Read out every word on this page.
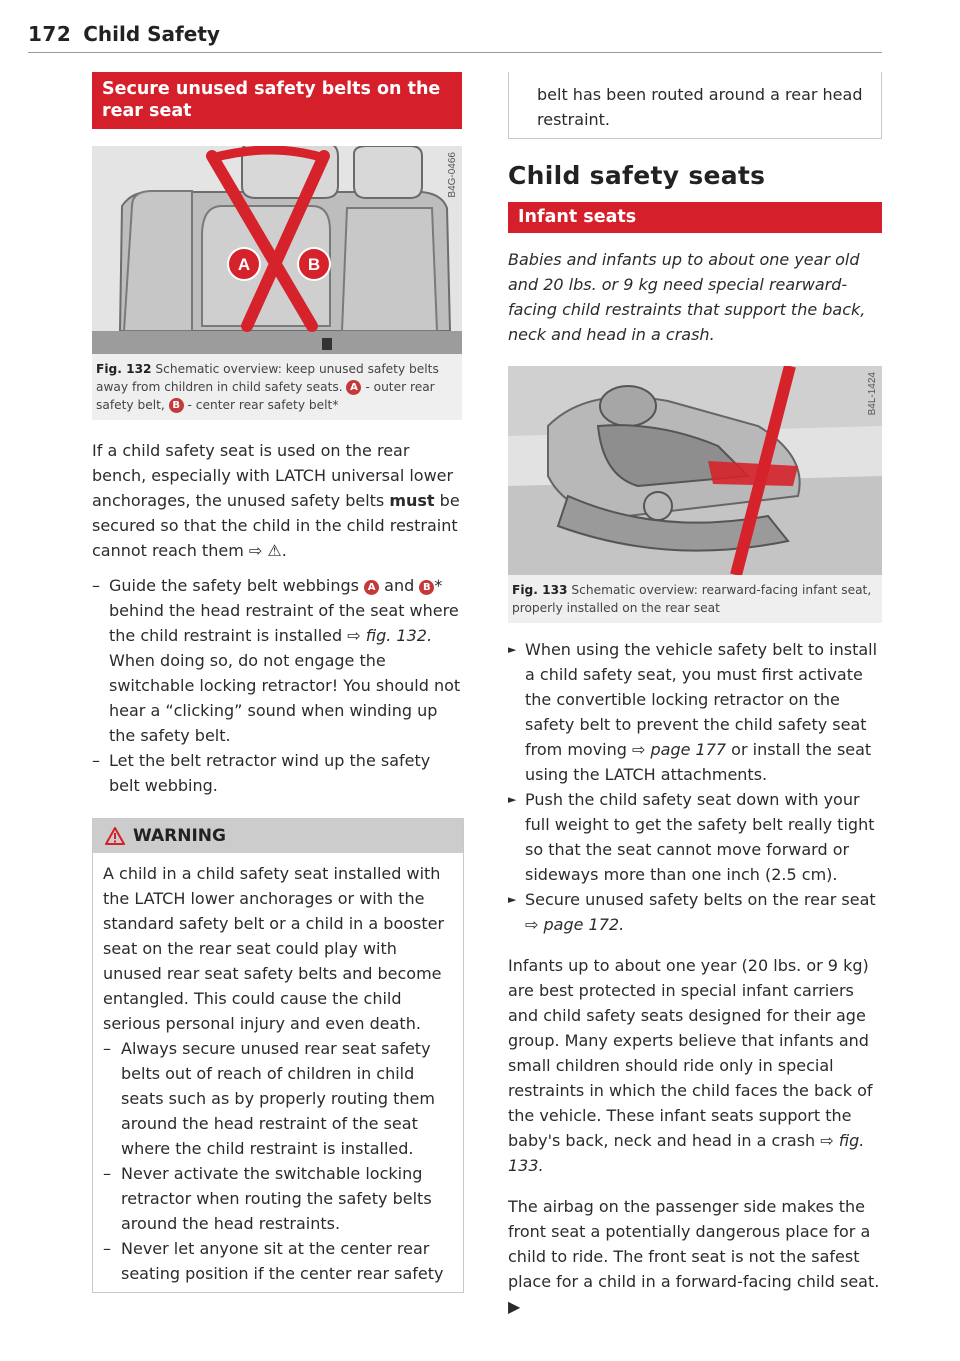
172 Child Safety
Secure unused safety belts on the rear seat
A	B
B4G-0466
Fig. 132 Schematic overview: keep unused safety belts away from children in child safety seats. A - outer rear safety belt, B - center rear safety belt*
If a child safety seat is used on the rear bench, especially with LATCH universal lower anchorages, the unused safety belts must be secured so that the child in the child restraint cannot reach them ⇨ ⚠.
– Guide the safety belt webbings A and B * behind the head restraint of the seat where the child restraint is installed ⇨ fig. 132. When doing so, do not engage the switchable locking retractor! You should not hear a “clicking” sound when winding up the safety belt.
– Let the belt retractor wind up the safety belt webbing.
WARNING
A child in a child safety seat installed with the LATCH lower anchorages or with the standard safety belt or a child in a booster seat on the rear seat could play with unused rear seat safety belts and become entangled. This could cause the child serious personal injury and even death.
– Always secure unused rear seat safety belts out of reach of children in child seats such as by properly routing them around the head restraint of the seat where the child restraint is installed.
– Never activate the switchable locking retractor when routing the safety belts around the head restraints.
– Never let anyone sit at the center rear seating position if the center rear safety
belt has been routed around a rear head restraint.
Child safety seats
Infant seats
Babies and infants up to about one year old and 20 lbs. or 9 kg need special rearward-facing child restraints that support the back, neck and head in a crash.
B4L-1424
Fig. 133 Schematic overview: rearward-facing infant seat, properly installed on the rear seat
► When using the vehicle safety belt to install a child safety seat, you must first activate the convertible locking retractor on the safety belt to prevent the child safety seat from moving ⇨ page 177 or install the seat using the LATCH attachments.
► Push the child safety seat down with your full weight to get the safety belt really tight so that the seat cannot move forward or sideways more than one inch (2.5 cm).
► Secure unused safety belts on the rear seat ⇨ page 172.
Infants up to about one year (20 lbs. or 9 kg) are best protected in special infant carriers and child safety seats designed for their age group. Many experts believe that infants and small children should ride only in special restraints in which the child faces the back of the vehicle. These infant seats support the baby's back, neck and head in a crash ⇨ fig. 133.
The airbag on the passenger side makes the front seat a potentially dangerous place for a child to ride. The front seat is not the safest place for a child in a forward-facing child seat. ▶
